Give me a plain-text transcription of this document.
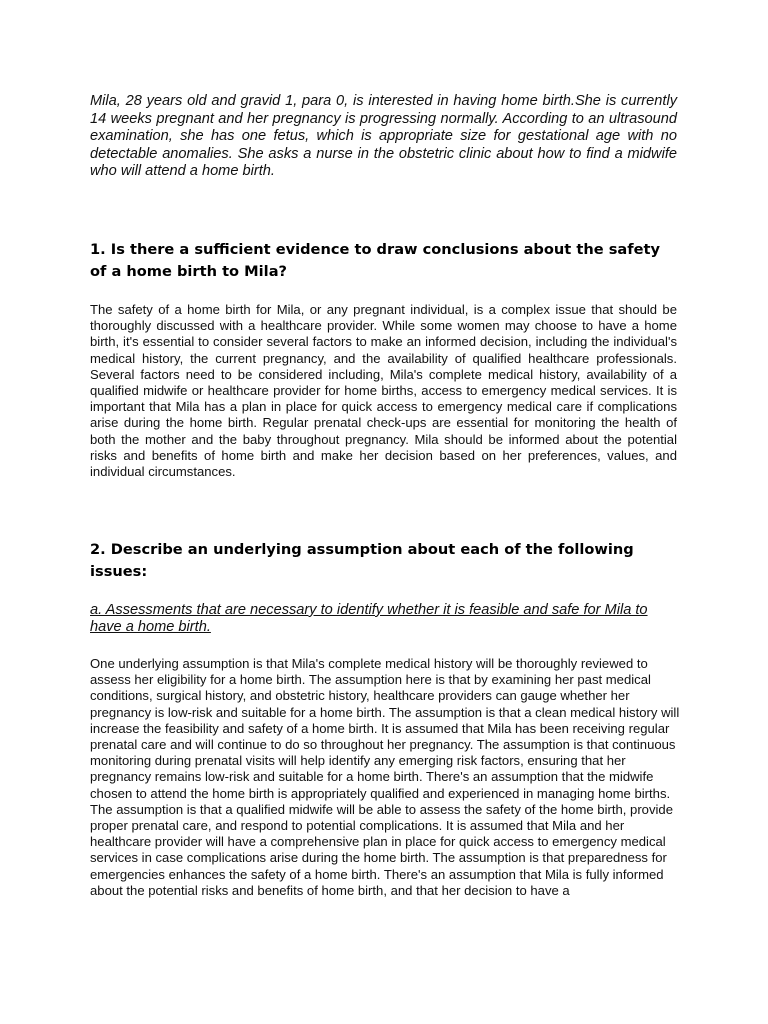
Mila, 28 years old and gravid 1, para 0, is interested in having home birth.She is currently 14 weeks pregnant and her pregnancy is progressing normally. According to an ultrasound examination, she has one fetus, which is appropriate size for gestational age with no detectable anomalies. She asks a nurse in the obstetric clinic about how to find a midwife who will attend a home birth.

1. Is there a sufficient evidence to draw conclusions about the safety of a home birth to Mila?

The safety of a home birth for Mila, or any pregnant individual, is a complex issue that should be thoroughly discussed with a healthcare provider. While some women may choose to have a home birth, it's essential to consider several factors to make an informed decision, including the individual's medical history, the current pregnancy, and the availability of qualified healthcare professionals. Several factors need to be considered including, Mila's complete medical history, availability of a qualified midwife or healthcare provider for home births, access to emergency medical services. It is important that Mila has a plan in place for quick access to emergency medical care if complications arise during the home birth. Regular prenatal check-ups are essential for monitoring the health of both the mother and the baby throughout pregnancy. Mila should be informed about the potential risks and benefits of home birth and make her decision based on her preferences, values, and individual circumstances.

2. Describe an underlying assumption about each of the following issues:

a. Assessments that are necessary to identify whether it is feasible and safe for Mila to have a home birth.

One underlying assumption is that Mila's complete medical history will be thoroughly reviewed to assess her eligibility for a home birth. The assumption here is that by examining her past medical conditions, surgical history, and obstetric history, healthcare providers can gauge whether her pregnancy is low-risk and suitable for a home birth. The assumption is that a clean medical history will increase the feasibility and safety of a home birth. It is assumed that Mila has been receiving regular prenatal care and will continue to do so throughout her pregnancy. The assumption is that continuous monitoring during prenatal visits will help identify any emerging risk factors, ensuring that her pregnancy remains low-risk and suitable for a home birth. There's an assumption that the midwife chosen to attend the home birth is appropriately qualified and experienced in managing home births. The assumption is that a qualified midwife will be able to assess the safety of the home birth, provide proper prenatal care, and respond to potential complications. It is assumed that Mila and her healthcare provider will have a comprehensive plan in place for quick access to emergency medical services in case complications arise during the home birth. The assumption is that preparedness for emergencies enhances the safety of a home birth. There's an assumption that Mila is fully informed about the potential risks and benefits of home birth, and that her decision to have a
